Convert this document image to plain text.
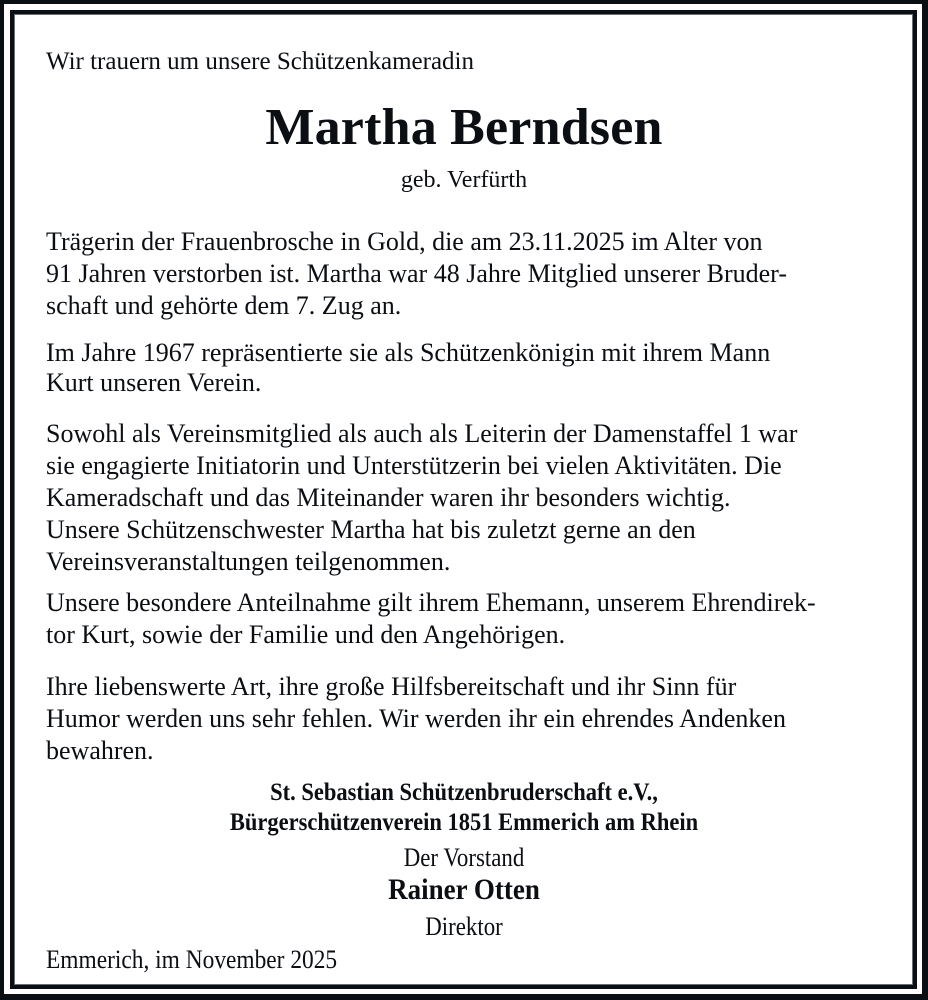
Wir trauern um unsere Schützenkameradin
Martha Berndsen
geb. Verfürth
Trägerin der Frauenbrosche in Gold, die am 23.11.2025 im Alter von
91 Jahren verstorben ist. Martha war 48 Jahre Mitglied unserer Bruder-
schaft und gehörte dem 7. Zug an.
Im Jahre 1967 repräsentierte sie als Schützenkönigin mit ihrem Mann
Kurt unseren Verein.
Sowohl als Vereinsmitglied als auch als Leiterin der Damenstaffel 1 war
sie engagierte Initiatorin und Unterstützerin bei vielen Aktivitäten. Die
Kameradschaft und das Miteinander waren ihr besonders wichtig.
Unsere Schützenschwester Martha hat bis zuletzt gerne an den
Vereinsveranstaltungen teilgenommen.
Unsere besondere Anteilnahme gilt ihrem Ehemann, unserem Ehrendirek-
tor Kurt, sowie der Familie und den Angehörigen.
Ihre liebenswerte Art, ihre große Hilfsbereitschaft und ihr Sinn für
Humor werden uns sehr fehlen. Wir werden ihr ein ehrendes Andenken
bewahren.
St. Sebastian Schützenbruderschaft e.V.,
Bürgerschützenverein 1851 Emmerich am Rhein
Der Vorstand
Rainer Otten
Direktor
Emmerich, im November 2025
